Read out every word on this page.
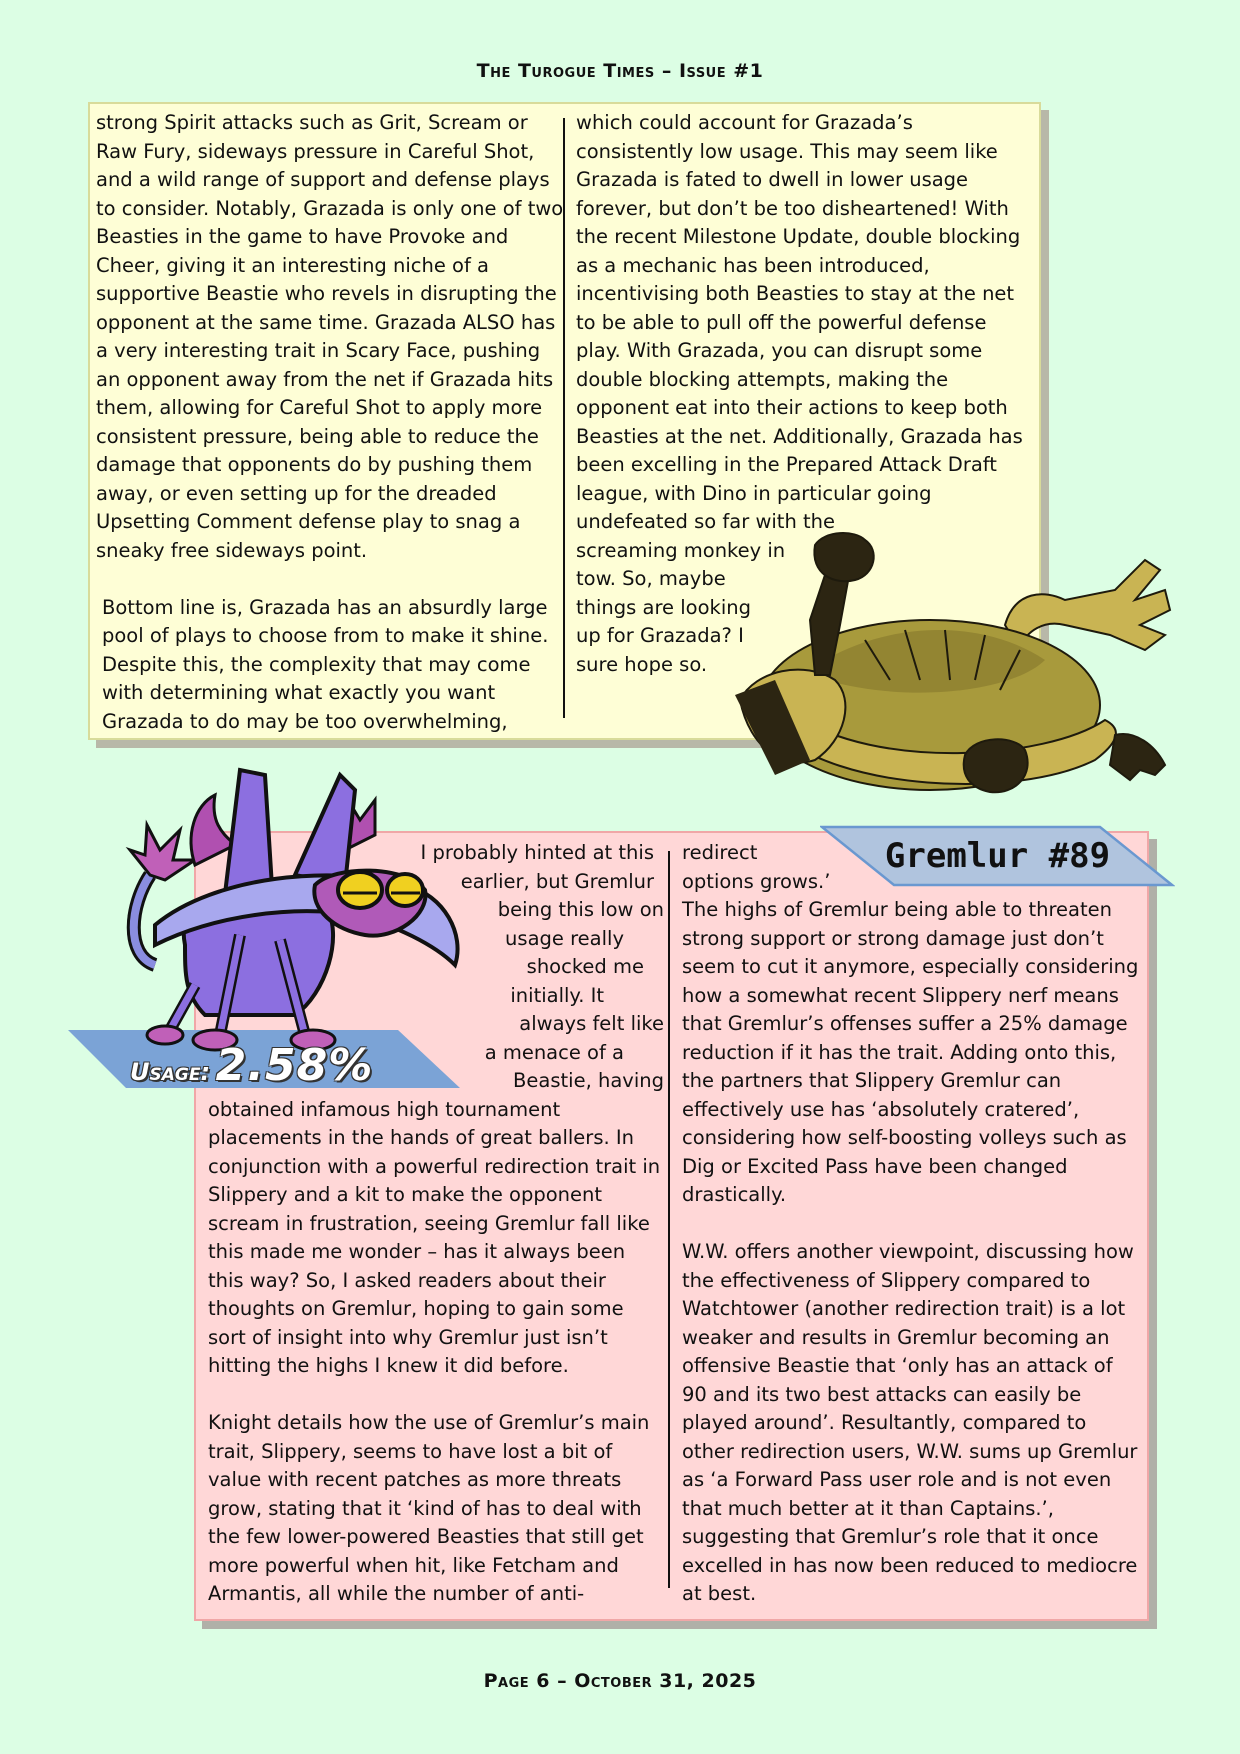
The Turogue Times – Issue #1

strong Spirit attacks such as Grit, Scream or Raw Fury, sideways pressure in Careful Shot, and a wild range of support and defense plays to consider. Notably, Grazada is only one of two Beasties in the game to have Provoke and Cheer, giving it an interesting niche of a supportive Beastie who revels in disrupting the opponent at the same time. Grazada ALSO has a very interesting trait in Scary Face, pushing an opponent away from the net if Grazada hits them, allowing for Careful Shot to apply more consistent pressure, being able to reduce the damage that opponents do by pushing them away, or even setting up for the dreaded Upsetting Comment defense play to snag a sneaky free sideways point.

Bottom line is, Grazada has an absurdly large pool of plays to choose from to make it shine. Despite this, the complexity that may come with determining what exactly you want Grazada to do may be too overwhelming,

which could account for Grazada’s consistently low usage. This may seem like Grazada is fated to dwell in lower usage forever, but don’t be too disheartened! With the recent Milestone Update, double blocking as a mechanic has been introduced, incentivising both Beasties to stay at the net to be able to pull off the powerful defense play. With Grazada, you can disrupt some double blocking attempts, making the opponent eat into their actions to keep both Beasties at the net. Additionally, Grazada has been excelling in the Prepared Attack Draft league, with Dino in particular going undefeated so far with the

screaming monkey in

tow. So, maybe

things are looking

up for Grazada? I

sure hope so.

Gremlur #89
I probably hinted at this
earlier, but Gremlur
being this low on
usage really
shocked me
initially. It
always felt like
a menace of a
Beastie, having

obtained infamous high tournament placements in the hands of great ballers. In conjunction with a powerful redirection trait in Slippery and a kit to make the opponent scream in frustration, seeing Gremlur fall like this made me wonder – has it always been this way? So, I asked readers about their thoughts on Gremlur, hoping to gain some sort of insight into why Gremlur just isn’t hitting the highs I knew it did before.

Knight details how the use of Gremlur’s main trait, Slippery, seems to have lost a bit of value with recent patches as more threats grow, stating that it ‘kind of has to deal with the few lower-powered Beasties that still get more powerful when hit, like Fetcham and Armantis, all while the number of anti-

redirect

options grows.’

The highs of Gremlur being able to threaten strong support or strong damage just don’t seem to cut it anymore, especially considering how a somewhat recent Slippery nerf means that Gremlur’s offenses suffer a 25% damage reduction if it has the trait. Adding onto this, the partners that Slippery Gremlur can effectively use has ‘absolutely cratered’, considering how self-boosting volleys such as Dig or Excited Pass have been changed drastically.

W.W. offers another viewpoint, discussing how the effectiveness of Slippery compared to Watchtower (another redirection trait) is a lot weaker and results in Gremlur becoming an offensive Beastie that ‘only has an attack of 90 and its two best attacks can easily be played around’. Resultantly, compared to other redirection users, W.W. sums up Gremlur as ‘a Forward Pass user role and is not even that much better at it than Captains.’, suggesting that Gremlur’s role that it once excelled in has now been reduced to mediocre at best.

Usage: 2.58%
Page 6 – October 31, 2025
